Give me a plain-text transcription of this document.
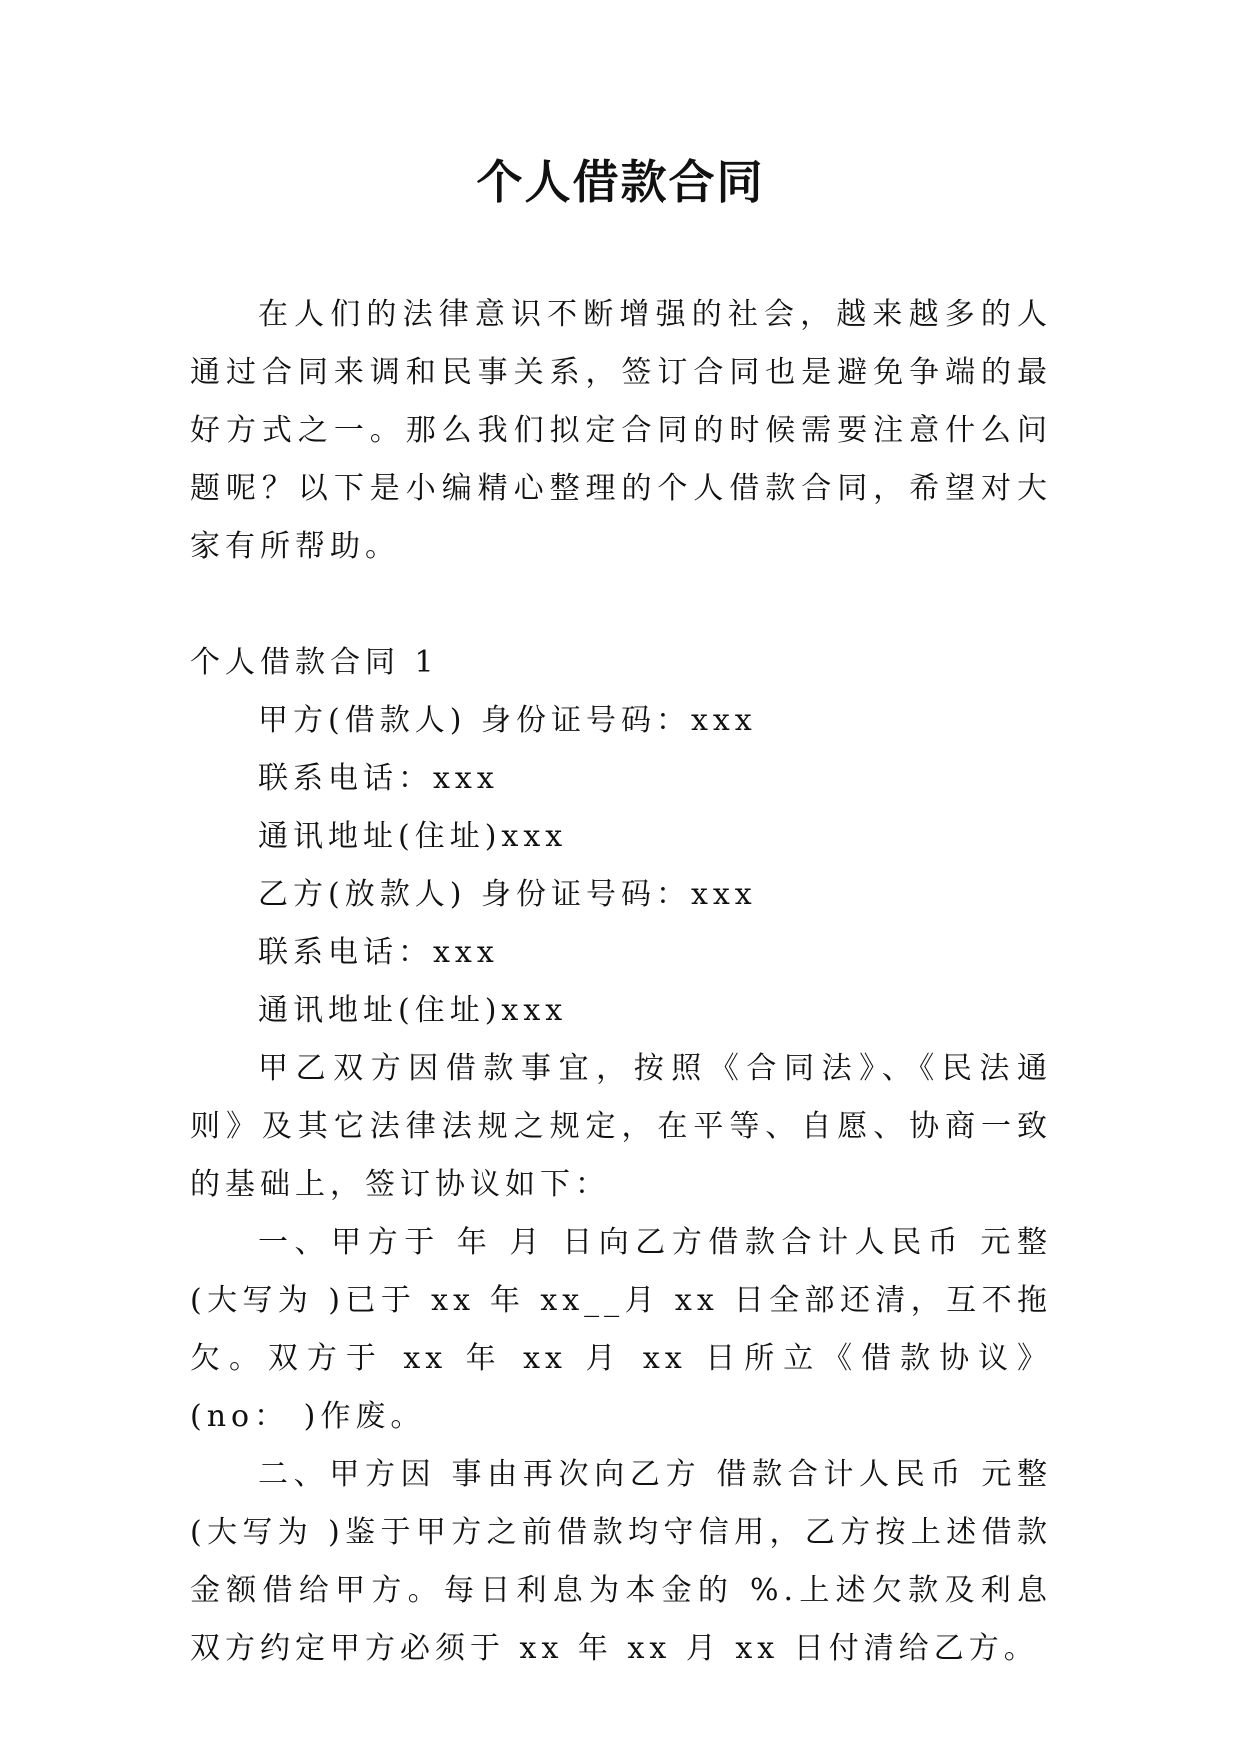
个人借款合同

在人们的法律意识不断增强的社会，越来越多的人通过合同来调和民事关系，签订合同也是避免争端的最好方式之一。那么我们拟定合同的时候需要注意什么问题呢？以下是小编精心整理的个人借款合同，希望对大家有所帮助。

个人借款合同 1

甲方(借款人) 身份证号码：xxx

联系电话：xxx

通讯地址(住址)xxx

乙方(放款人) 身份证号码：xxx

联系电话：xxx

通讯地址(住址)xxx

甲乙双方因借款事宜，按照《合同法》、《民法通则》及其它法律法规之规定，在平等、自愿、协商一致的基础上，签订协议如下：

一、甲方于 年 月 日向乙方借款合计人民币 元整(大写为 )已于 xx 年 xx__月 xx 日全部还清，互不拖欠。双方于 xx 年 xx 月 xx 日所立《借款协议》(no： )作废。

二、甲方因 事由再次向乙方 借款合计人民币 元整(大写为 )鉴于甲方之前借款均守信用，乙方按上述借款金额借给甲方。每日利息为本金的 %.上述欠款及利息双方约定甲方必须于 xx 年 xx 月 xx 日付清给乙方。
